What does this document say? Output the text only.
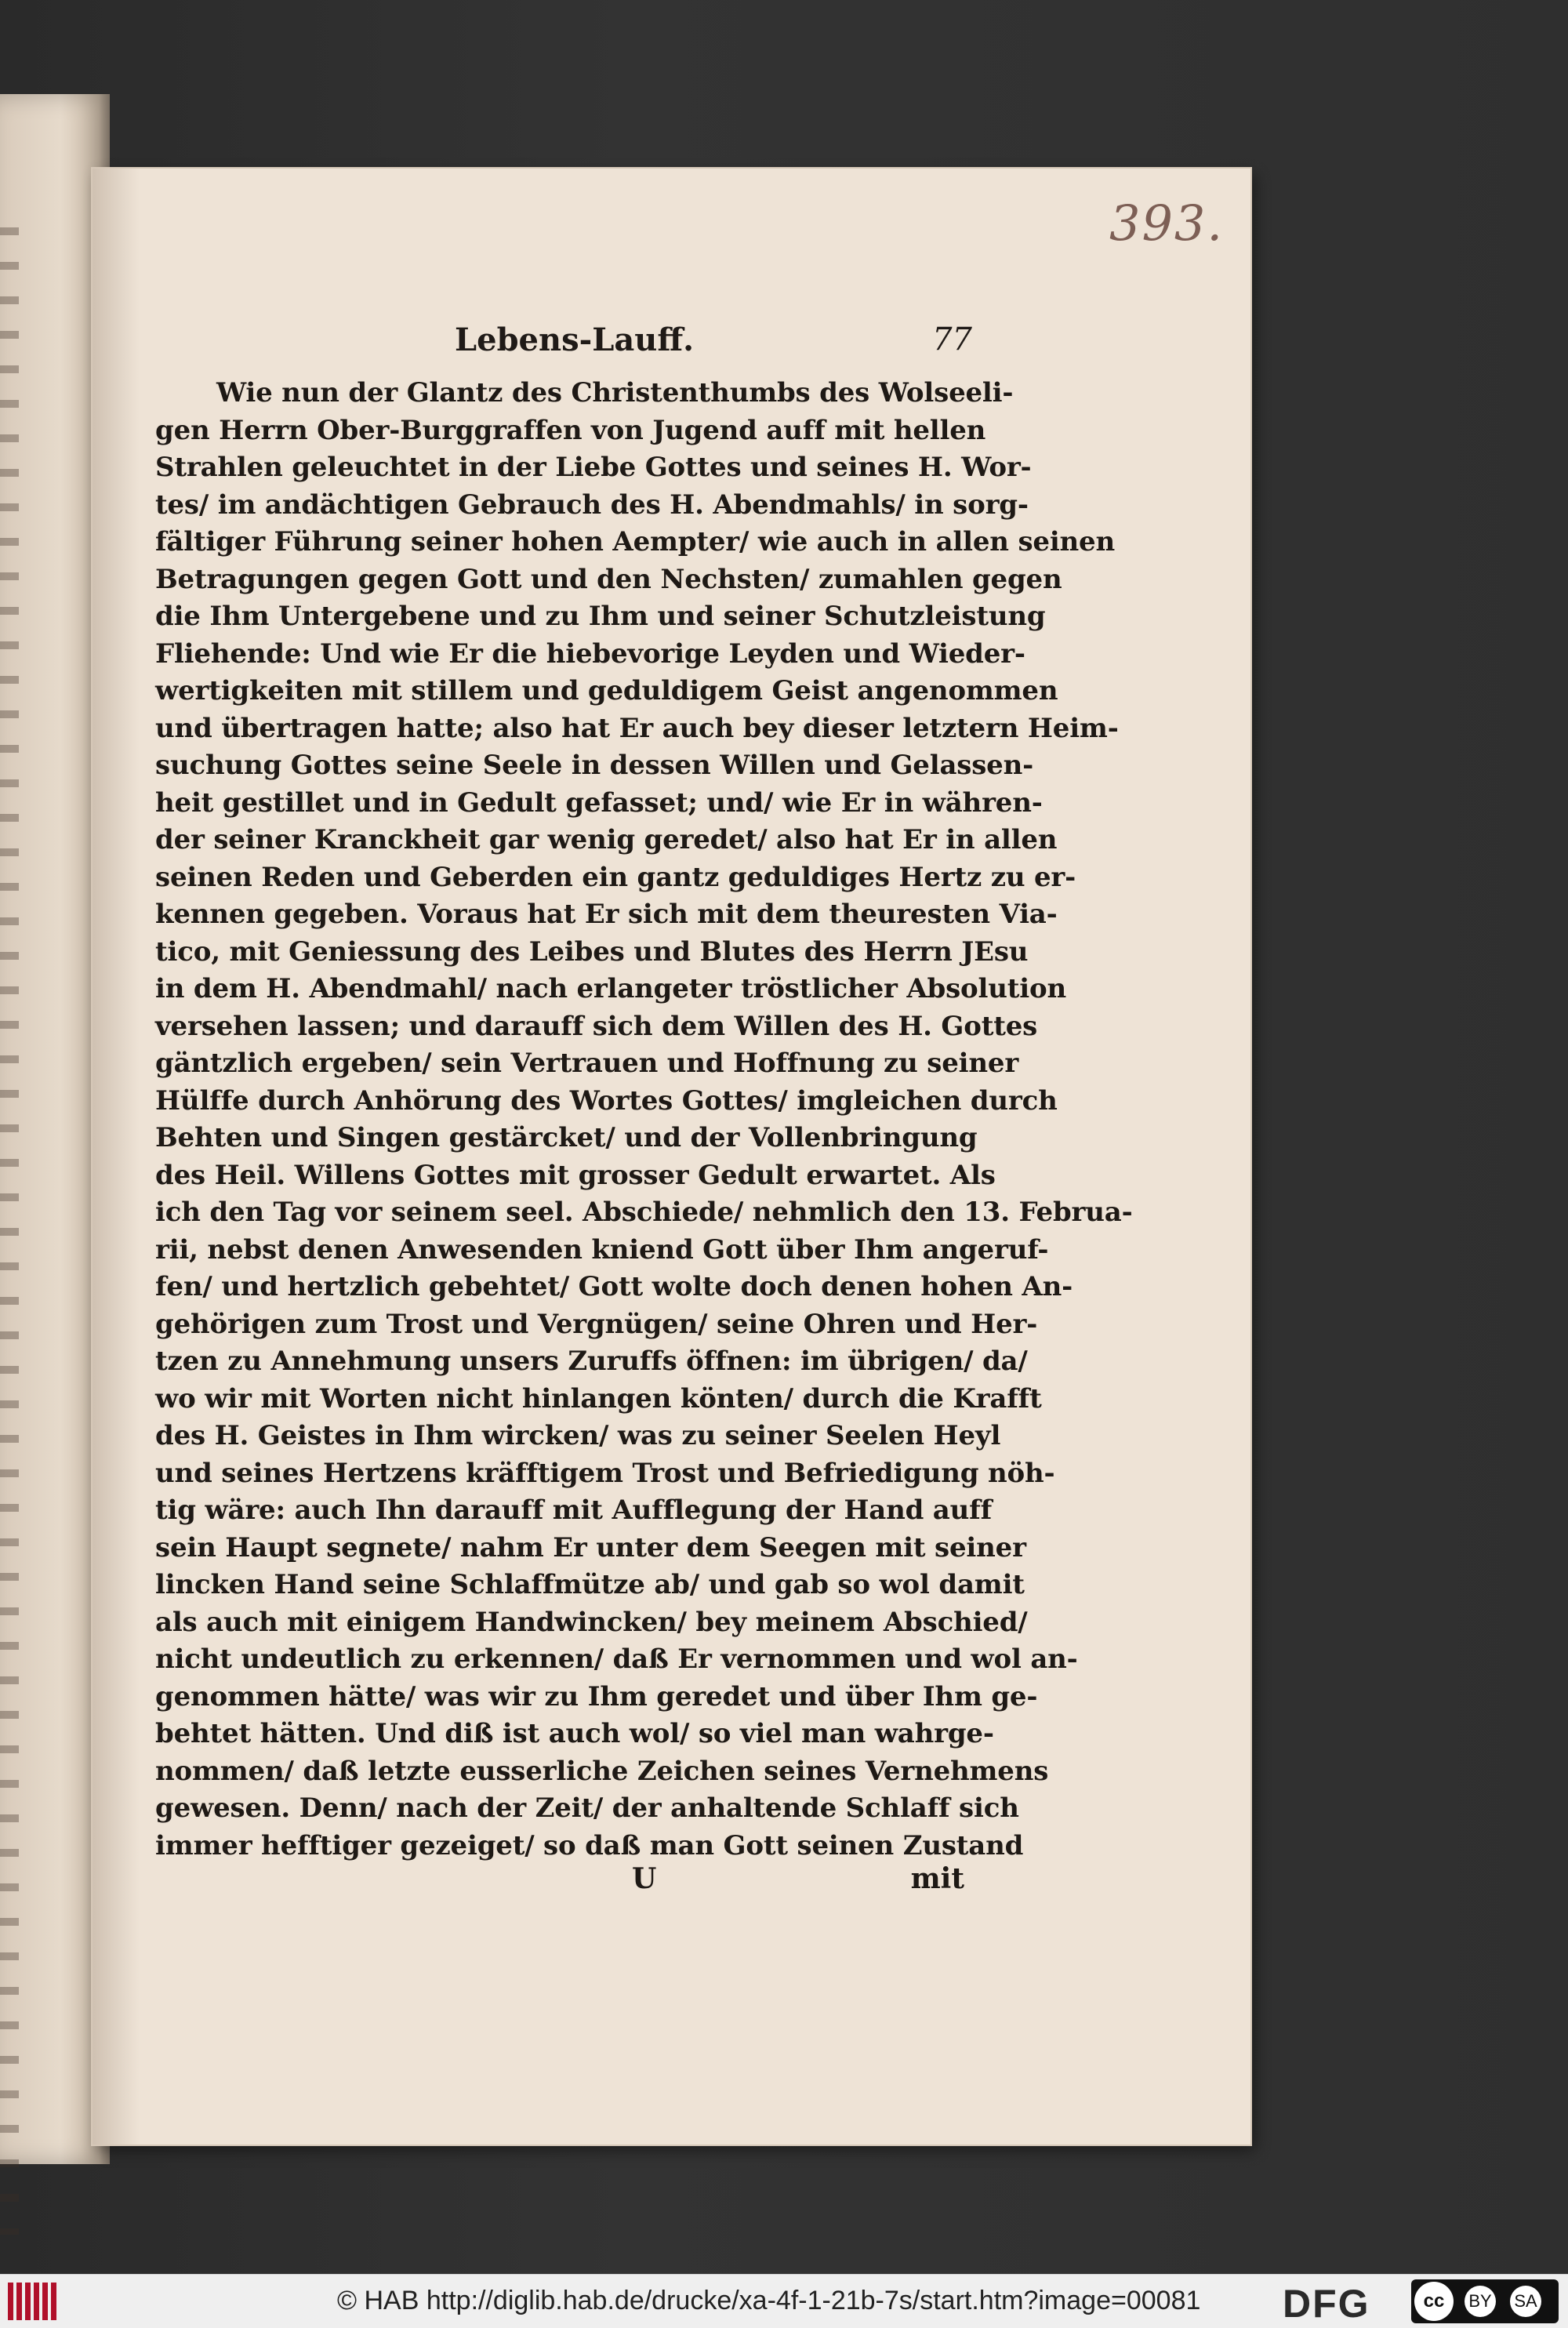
393.
Lebens-Lauff.	77
Wie nun der Glantz des Christenthumbs des Wolseeli-
gen Herrn Ober-Burggraffen von Jugend auff mit hellen
Strahlen geleuchtet in der Liebe Gottes und seines H. Wor-
tes/ im andächtigen Gebrauch des H. Abendmahls/ in sorg-
fältiger Führung seiner hohen Aempter/ wie auch in allen seinen
Betragungen gegen Gott und den Nechsten/ zumahlen gegen
die Ihm Untergebene und zu Ihm und seiner Schutzleistung
Fliehende: Und wie Er die hiebevorige Leyden und Wieder-
wertigkeiten mit stillem und geduldigem Geist angenommen
und übertragen hatte; also hat Er auch bey dieser letztern Heim-
suchung Gottes seine Seele in dessen Willen und Gelassen-
heit gestillet und in Gedult gefasset; und/ wie Er in währen-
der seiner Kranckheit gar wenig geredet/ also hat Er in allen
seinen Reden und Geberden ein gantz geduldiges Hertz zu er-
kennen gegeben. Voraus hat Er sich mit dem theuresten Via-
tico, mit Geniessung des Leibes und Blutes des Herrn JEsu
in dem H. Abendmahl/ nach erlangeter tröstlicher Absolution
versehen lassen; und darauff sich dem Willen des H. Gottes
gäntzlich ergeben/ sein Vertrauen und Hoffnung zu seiner
Hülffe durch Anhörung des Wortes Gottes/ imgleichen durch
Behten und Singen gestärcket/ und der Vollenbringung
des Heil. Willens Gottes mit grosser Gedult erwartet. Als
ich den Tag vor seinem seel. Abschiede/ nehmlich den 13. Februa-
rii, nebst denen Anwesenden kniend Gott über Ihm angeruf-
fen/ und hertzlich gebehtet/ Gott wolte doch denen hohen An-
gehörigen zum Trost und Vergnügen/ seine Ohren und Her-
tzen zu Annehmung unsers Zuruffs öffnen: im übrigen/ da/
wo wir mit Worten nicht hinlangen könten/ durch die Krafft
des H. Geistes in Ihm wircken/ was zu seiner Seelen Heyl
und seines Hertzens kräfftigem Trost und Befriedigung nöh-
tig wäre: auch Ihn darauff mit Aufflegung der Hand auff
sein Haupt segnete/ nahm Er unter dem Seegen mit seiner
lincken Hand seine Schlaffmütze ab/ und gab so wol damit
als auch mit einigem Handwincken/ bey meinem Abschied/
nicht undeutlich zu erkennen/ daß Er vernommen und wol an-
genommen hätte/ was wir zu Ihm geredet und über Ihm ge-
behtet hätten. Und diß ist auch wol/ so viel man wahrge-
nommen/ daß letzte eusserliche Zeichen seines Vernehmens
gewesen. Denn/ nach der Zeit/ der anhaltende Schlaff sich
immer hefftiger gezeiget/ so daß man Gott seinen Zustand
U	mit
© HAB http://diglib.hab.de/drucke/xa-4f-1-21b-7s/start.htm?image=00081 DFG	cc	BY SA
